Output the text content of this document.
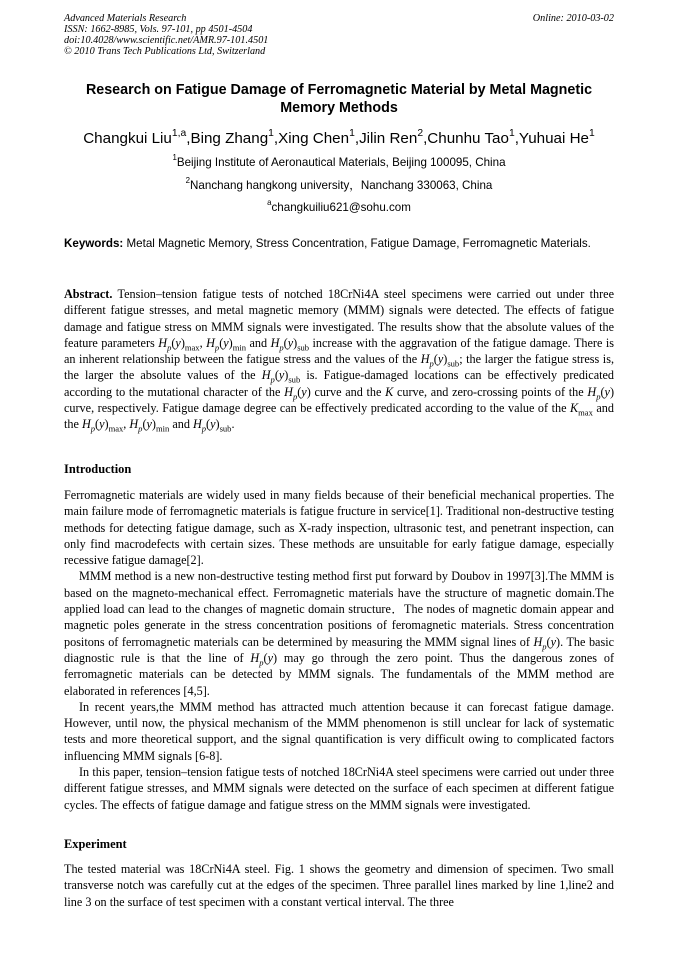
Advanced Materials Research
ISSN: 1662-8985, Vols. 97-101, pp 4501-4504
doi:10.4028/www.scientific.net/AMR.97-101.4501
© 2010 Trans Tech Publications Ltd, Switzerland
Online: 2010-03-02
Research on Fatigue Damage of Ferromagnetic Material by Metal Magnetic Memory Methods
Changkui Liu$^{1,a}$,Bing Zhang$^1$,Xing Chen$^1$,Jilin Ren$^2$,Chunhu Tao$^1$,Yuhuai He$^1$
$^1$Beijing Institute of Aeronautical Materials, Beijing 100095, China
$^2$Nanchang hangkong university，Nanchang 330063, China
$^a$changkuiliu621@sohu.com
Keywords: Metal Magnetic Memory, Stress Concentration, Fatigue Damage, Ferromagnetic Materials.

Abstract. Tension–tension fatigue tests of notched 18CrNi4A steel specimens were carried out under three different fatigue stresses, and metal magnetic memory (MMM) signals were detected. The effects of fatigue damage and fatigue stress on MMM signals were investigated. The results show that the absolute values of the feature parameters $H_p(y)_{max}$, $H_p(y)_{min}$ and $H_p(y)_{sub}$ increase with the aggravation of the fatigue damage. There is an inherent relationship between the fatigue stress and the values of the $H_p(y)_{sub}$; the larger the fatigue stress is, the larger the absolute values of the $H_p(y)_{sub}$ is. Fatigue-damaged locations can be effectively predicated according to the mutational character of the $H_p(y)$ curve and the K curve, and zero-crossing points of the $H_p(y)$ curve, respectively. Fatigue damage degree can be effectively predicated according to the value of the $K_{max}$ and the $H_p(y)_{max}$, $H_p(y)_{min}$ and $H_p(y)_{sub}$.

Introduction

Ferromagnetic materials are widely used in many fields because of their beneficial mechanical properties. The main failure mode of ferromagnetic materials is fatigue fructure in service[1]. Traditional non-destructive testing methods for detecting fatigue damage, such as X-rady inspection, ultrasonic test, and penetrant inspection, can only find macrodefects with certain sizes. These methods are unsuitable for early fatigue damage, especially recessive fatigue damage[2].

MMM method is a new non-destructive testing method first put forward by Doubov in 1997[3].The MMM is based on the magneto-mechanical effect. Ferromagnetic materials have the structure of magnetic domain.The applied load can lead to the changes of magnetic domain structure．The nodes of magnetic domain appear and magnetic poles generate in the stress concentration positions of feromagnetic materials. Stress concentration positons of ferromagnetic materials can be determined by measuring the MMM signal lines of $H_p(y)$. The basic diagnostic rule is that the line of $H_p(y)$ may go through the zero point. Thus the dangerous zones of ferromagnetic materials can be detected by MMM signals. The fundamentals of the MMM method are elaborated in references [4,5].

In recent years,the MMM method has attracted much attention because it can forecast fatigue damage. However, until now, the physical mechanism of the MMM phenomenon is still unclear for lack of systematic tests and more theoretical support, and the signal quantification is very difficult owing to complicated factors influencing MMM signals [6-8].

In this paper, tension–tension fatigue tests of notched 18CrNi4A steel specimens were carried out under three different fatigue stresses, and MMM signals were detected on the surface of each specimen at different fatigue cycles. The effects of fatigue damage and fatigue stress on the MMM signals were investigated.

Experiment

The tested material was 18CrNi4A steel. Fig. 1 shows the geometry and dimension of specimen. Two small transverse notch was carefully cut at the edges of the specimen. Three parallel lines marked by line 1,line2 and line 3 on the surface of test specimen with a constant vertical interval. The three
